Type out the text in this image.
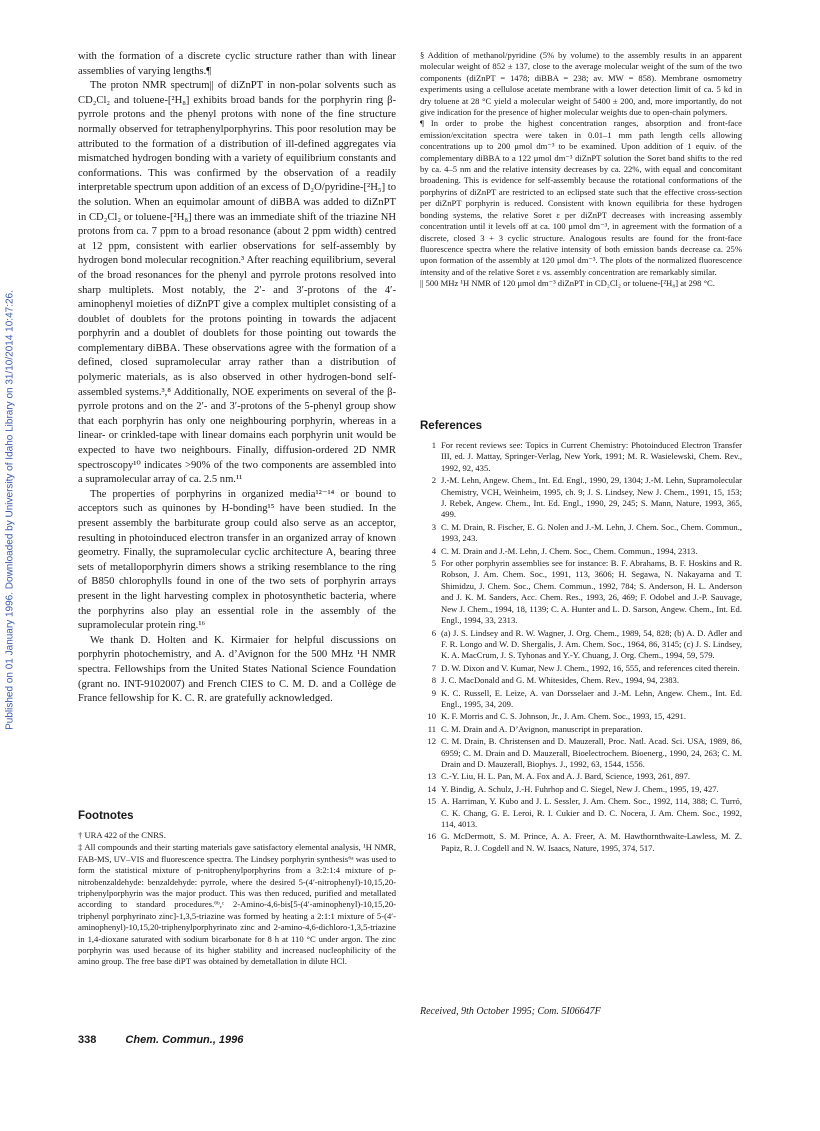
Published on 01 January 1996. Downloaded by University of Idaho Library on 31/10/2014 10:47:26.

with the formation of a discrete cyclic structure rather than with linear assemblies of varying lengths.¶

The proton NMR spectrum|| of diZnPT in non-polar solvents such as CD₂Cl₂ and toluene-[²H₈] exhibits broad bands for the porphyrin ring β-pyrrole protons and the phenyl protons with none of the fine structure normally observed for tetraphenylporphyrins. This poor resolution may be attributed to the formation of a distribution of ill-defined aggregates via mismatched hydrogen bonding with a variety of equilibrium constants and conformations. This was confirmed by the observation of a readily interpretable spectrum upon addition of an excess of D₂O/pyridine-[²H₅] to the solution. When an equimolar amount of diBBA was added to diZnPT in CD₂Cl₂ or toluene-[²H₈] there was an immediate shift of the triazine NH protons from ca. 7 ppm to a broad resonance (about 2 ppm width) centred at 12 ppm, consistent with earlier observations for self-assembly by hydrogen bond molecular recognition.³ After reaching equilibrium, several of the broad resonances for the phenyl and pyrrole protons resolved into sharp multiplets. Most notably, the 2′- and 3′-protons of the 4′-aminophenyl moieties of diZnPT give a complex multiplet consisting of a doublet of doublets for the protons pointing in towards the adjacent porphyrin and a doublet of doublets for those pointing out towards the complementary diBBA. These observations agree with the formation of a defined, closed supramolecular array rather than a distribution of polymeric materials, as is also observed in other hydrogen-bond self-assembled systems.³,⁸ Additionally, NOE experiments on several of the β-pyrrole protons and on the 2′- and 3′-protons of the 5-phenyl group show that each porphyrin has only one neighbouring porphyrin, whereas in a linear- or crinkled-tape with linear domains each porphyrin unit would be expected to have two neighbours. Finally, diffusion-ordered 2D NMR spectroscopy¹⁰ indicates >90% of the two components are assembled into a supramolecular array of ca. 2.5 nm.¹¹

The properties of porphyrins in organized media¹²⁻¹⁴ or bound to acceptors such as quinones by H-bonding¹⁵ have been studied. In the present assembly the barbiturate group could also serve as an acceptor, resulting in photoinduced electron transfer in an organized array of known geometry. Finally, the supramolecular cyclic architecture A, bearing three sets of metalloporphyrin dimers shows a striking resemblance to the ring of B850 chlorophylls found in one of the two sets of porphyrin arrays present in the light harvesting complex in photosynthetic bacteria, where the porphyrins also play an essential role in the assembly of the supramolecular protein ring.¹⁶

We thank D. Holten and K. Kirmaier for helpful discussions on porphyrin photochemistry, and A. d’Avignon for the 500 MHz ¹H NMR spectra. Fellowships from the United States National Science Foundation (grant no. INT-9102007) and French CIES to C. M. D. and a Collège de France fellowship for K. C. R. are gratefully acknowledged.

Footnotes

† URA 422 of the CNRS.

‡ All compounds and their starting materials gave satisfactory elemental analysis, ¹H NMR, FAB-MS, UV–VIS and fluorescence spectra. The Lindsey porphyrin synthesis⁶ᵃ was used to form the statistical mixture of p-nitrophenylporphyrins from a 3:2:1:4 mixture of p-nitrobenzaldehyde: benzaldehyde: pyrrole, where the desired 5-(4′-nitrophenyl)-10,15,20-triphenylporphyrin was the major product. This was then reduced, purified and metallated according to standard procedures.⁶ᵇ,ᶜ 2-Amino-4,6-bis[5-(4′-aminophenyl)-10,15,20-triphenyl porphyrinato zinc]-1,3,5-triazine was formed by heating a 2:1:1 mixture of 5-(4′-aminophenyl)-10,15,20-triphenylporphyrinato zinc and 2-amino-4,6-dichloro-1,3,5-triazine in 1,4-dioxane saturated with sodium bicarbonate for 8 h at 110 °C under argon. The zinc porphyrin was used because of its higher stability and increased nucleophilicity of the amino group. The free base diPT was obtained by demetallation in dilute HCl.

§ Addition of methanol/pyridine (5% by volume) to the assembly results in an apparent molecular weight of 852 ± 137, close to the average molecular weight of the sum of the two components (diZnPT = 1478; diBBA = 238; av. MW = 858). Membrane osmometry experiments using a cellulose acetate membrane with a lower detection limit of ca. 5 kd in dry toluene at 28 °C yield a molecular weight of 5400 ± 200, and, more importantly, do not give indication for the presence of higher molecular weights due to open-chain polymers.

¶ In order to probe the highest concentration ranges, absorption and front-face emission/excitation spectra were taken in 0.01–1 mm path length cells allowing concentrations up to 200 μmol dm⁻³ to be examined. Upon addition of 1 equiv. of the complementary diBBA to a 122 μmol dm⁻³ diZnPT solution the Soret band shifts to the red by ca. 4–5 nm and the relative intensity decreases by ca. 22%, with equal and concomitant broadening. This is evidence for self-assembly because the rotational conformations of the porphyrins of diZnPT are restricted to an eclipsed state such that the effective cross-section per diZnPT porphyrin is reduced. Consistent with known equilibria for these hydrogen bonding systems, the relative Soret ε per diZnPT decreases with increasing assembly concentration until it levels off at ca. 100 μmol dm⁻³, in agreement with the formation of a discrete, closed 3 + 3 cyclic structure. Analogous results are found for the front-face fluorescence spectra where the relative intensity of both emission bands decrease ca. 25% upon formation of the assembly at 120 μmol dm⁻³. The plots of the normalized fluorescence intensity and of the relative Soret ε vs. assembly concentration are remarkably similar.

|| 500 MHz ¹H NMR of 120 μmol dm⁻³ diZnPT in CD₂Cl₂ or toluene-[²H₈] at 298 °C.

References
1 For recent reviews see: Topics in Current Chemistry: Photoinduced Electron Transfer III, ed. J. Mattay, Springer-Verlag, New York, 1991; M. R. Wasielewski, Chem. Rev., 1992, 92, 435.
2 J.-M. Lehn, Angew. Chem., Int. Ed. Engl., 1990, 29, 1304; J.-M. Lehn, Supramolecular Chemistry, VCH, Weinheim, 1995, ch. 9; J. S. Lindsey, New J. Chem., 1991, 15, 153; J. Rebek, Angew. Chem., Int. Ed. Engl., 1990, 29, 245; S. Mann, Nature, 1993, 365, 499.
3 C. M. Drain, R. Fischer, E. G. Nolen and J.-M. Lehn, J. Chem. Soc., Chem. Commun., 1993, 243.
4 C. M. Drain and J.-M. Lehn, J. Chem. Soc., Chem. Commun., 1994, 2313.
5 For other porphyrin assemblies see for instance: B. F. Abrahams, B. F. Hoskins and R. Robson, J. Am. Chem. Soc., 1991, 113, 3606; H. Segawa, N. Nakayama and T. Shimidzu, J. Chem. Soc., Chem. Commun., 1992, 784; S. Anderson, H. L. Anderson and J. K. M. Sanders, Acc. Chem. Res., 1993, 26, 469; F. Odobel and J.-P. Sauvage, New J. Chem., 1994, 18, 1139; C. A. Hunter and L. D. Sarson, Angew. Chem., Int. Ed. Engl., 1994, 33, 2313.
6 (a) J. S. Lindsey and R. W. Wagner, J. Org. Chem., 1989, 54, 828; (b) A. D. Adler and F. R. Longo and W. D. Shergalis, J. Am. Chem. Soc., 1964, 86, 3145; (c) J. S. Lindsey, K. A. MacCrum, J. S. Tyhonas and Y.-Y. Chuang, J. Org. Chem., 1994, 59, 579.
7 D. W. Dixon and V. Kumar, New J. Chem., 1992, 16, 555, and references cited therein.
8 J. C. MacDonald and G. M. Whitesides, Chem. Rev., 1994, 94, 2383.
9 K. C. Russell, E. Leize, A. van Dorsselaer and J.-M. Lehn, Angew. Chem., Int. Ed. Engl., 1995, 34, 209.
10 K. F. Morris and C. S. Johnson, Jr., J. Am. Chem. Soc., 1993, 15, 4291.
11 C. M. Drain and A. D’Avignon, manuscript in preparation.
12 C. M. Drain, B. Christensen and D. Mauzerall, Proc. Natl. Acad. Sci. USA, 1989, 86, 6959; C. M. Drain and D. Mauzerall, Bioelectrochem. Bioenerg., 1990, 24, 263; C. M. Drain and D. Mauzerall, Biophys. J., 1992, 63, 1544, 1556.
13 C.-Y. Liu, H. L. Pan, M. A. Fox and A. J. Bard, Science, 1993, 261, 897.
14 Y. Bindig, A. Schulz, J.-H. Fuhrhop and C. Siegel, New J. Chem., 1995, 19, 427.
15 A. Harriman, Y. Kubo and J. L. Sessler, J. Am. Chem. Soc., 1992, 114, 388; C. Turró, C. K. Chang, G. E. Leroi, R. I. Cukier and D. C. Nocera, J. Am. Chem. Soc., 1992, 114, 4013.
16 G. McDermott, S. M. Prince, A. A. Freer, A. M. Hawthornthwaite-Lawless, M. Z. Papiz, R. J. Cogdell and N. W. Isaacs, Nature, 1995, 374, 517.

Received, 9th October 1995; Com. 5I06647F

338	Chem. Commun., 1996
